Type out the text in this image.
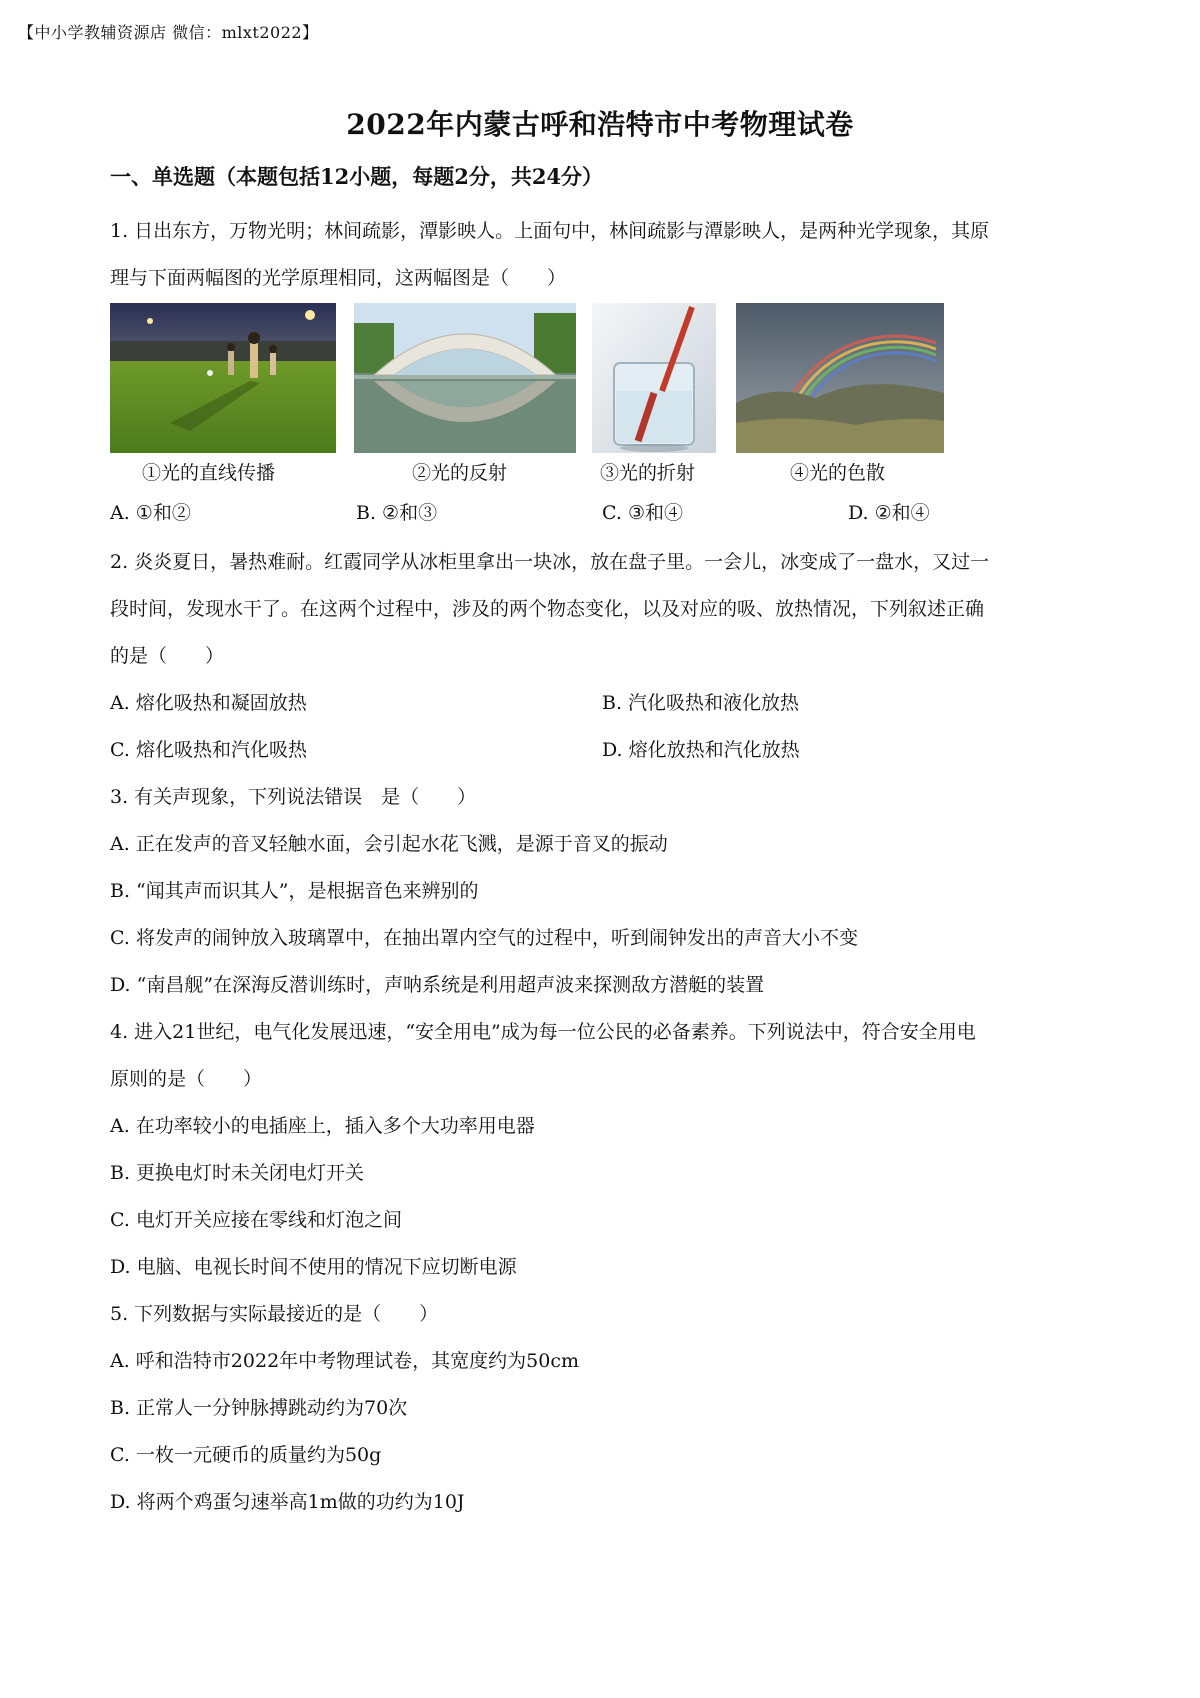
【中小学教辅资源店 微信：mlxt2022】
2022年内蒙古呼和浩特市中考物理试卷
一、单选题（本题包括12小题，每题2分，共24分）
1. 日出东方，万物光明；林间疏影，潭影映人。上面句中，林间疏影与潭影映人，是两种光学现象，其原
理与下面两幅图的光学原理相同，这两幅图是（　　）
①光的直线传播	②光的反射	③光的折射	④光的色散
A. ①和②	B. ②和③	C. ③和④	D. ②和④
2. 炎炎夏日，暑热难耐。红霞同学从冰柜里拿出一块冰，放在盘子里。一会儿，冰变成了一盘水，又过一
段时间，发现水干了。在这两个过程中，涉及的两个物态变化，以及对应的吸、放热情况，下列叙述正确
的是（　　）
A. 熔化吸热和凝固放热	B. 汽化吸热和液化放热
C. 熔化吸热和汽化吸热	D. 熔化放热和汽化放热
3. 有关声现象，下列说法错误　是（　　）
A. 正在发声的音叉轻触水面，会引起水花飞溅，是源于音叉的振动
B. “闻其声而识其人”，是根据音色来辨别的
C. 将发声的闹钟放入玻璃罩中，在抽出罩内空气的过程中，听到闹钟发出的声音大小不变
D. “南昌舰”在深海反潜训练时，声呐系统是利用超声波来探测敌方潜艇的装置
4. 进入21世纪，电气化发展迅速，“安全用电”成为每一位公民的必备素养。下列说法中，符合安全用电
原则的是（　　）
A. 在功率较小的电插座上，插入多个大功率用电器
B. 更换电灯时未关闭电灯开关
C. 电灯开关应接在零线和灯泡之间
D. 电脑、电视长时间不使用的情况下应切断电源
5. 下列数据与实际最接近的是（　　）
A. 呼和浩特市2022年中考物理试卷，其宽度约为50cm
B. 正常人一分钟脉搏跳动约为70次
C. 一枚一元硬币的质量约为50g
D. 将两个鸡蛋匀速举高1m做的功约为10J
